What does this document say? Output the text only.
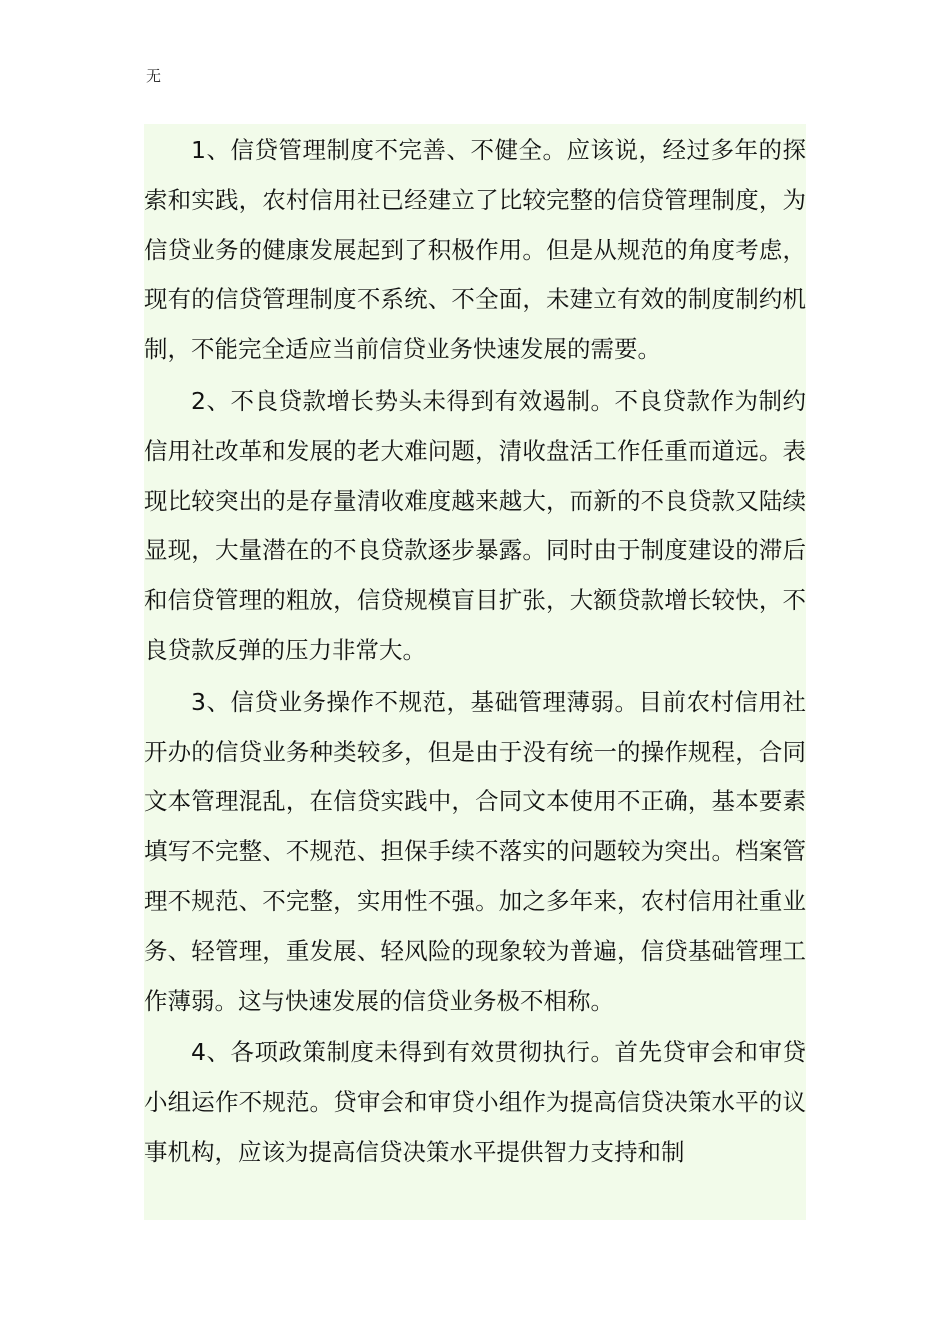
无

1、信贷管理制度不完善、不健全。应该说，经过多年的探索和实践，农村信用社已经建立了比较完整的信贷管理制度，为信贷业务的健康发展起到了积极作用。但是从规范的角度考虑，现有的信贷管理制度不系统、不全面，未建立有效的制度制约机制，不能完全适应当前信贷业务快速发展的需要。

2、不良贷款增长势头未得到有效遏制。不良贷款作为制约信用社改革和发展的老大难问题，清收盘活工作任重而道远。表现比较突出的是存量清收难度越来越大，而新的不良贷款又陆续显现，大量潜在的不良贷款逐步暴露。同时由于制度建设的滞后和信贷管理的粗放，信贷规模盲目扩张，大额贷款增长较快，不良贷款反弹的压力非常大。

3、信贷业务操作不规范，基础管理薄弱。目前农村信用社开办的信贷业务种类较多，但是由于没有统一的操作规程，合同文本管理混乱，在信贷实践中，合同文本使用不正确，基本要素填写不完整、不规范、担保手续不落实的问题较为突出。档案管理不规范、不完整，实用性不强。加之多年来，农村信用社重业务、轻管理，重发展、轻风险的现象较为普遍，信贷基础管理工作薄弱。这与快速发展的信贷业务极不相称。

4、各项政策制度未得到有效贯彻执行。首先贷审会和审贷小组运作不规范。贷审会和审贷小组作为提高信贷决策水平的议事机构，应该为提高信贷决策水平提供智力支持和制
